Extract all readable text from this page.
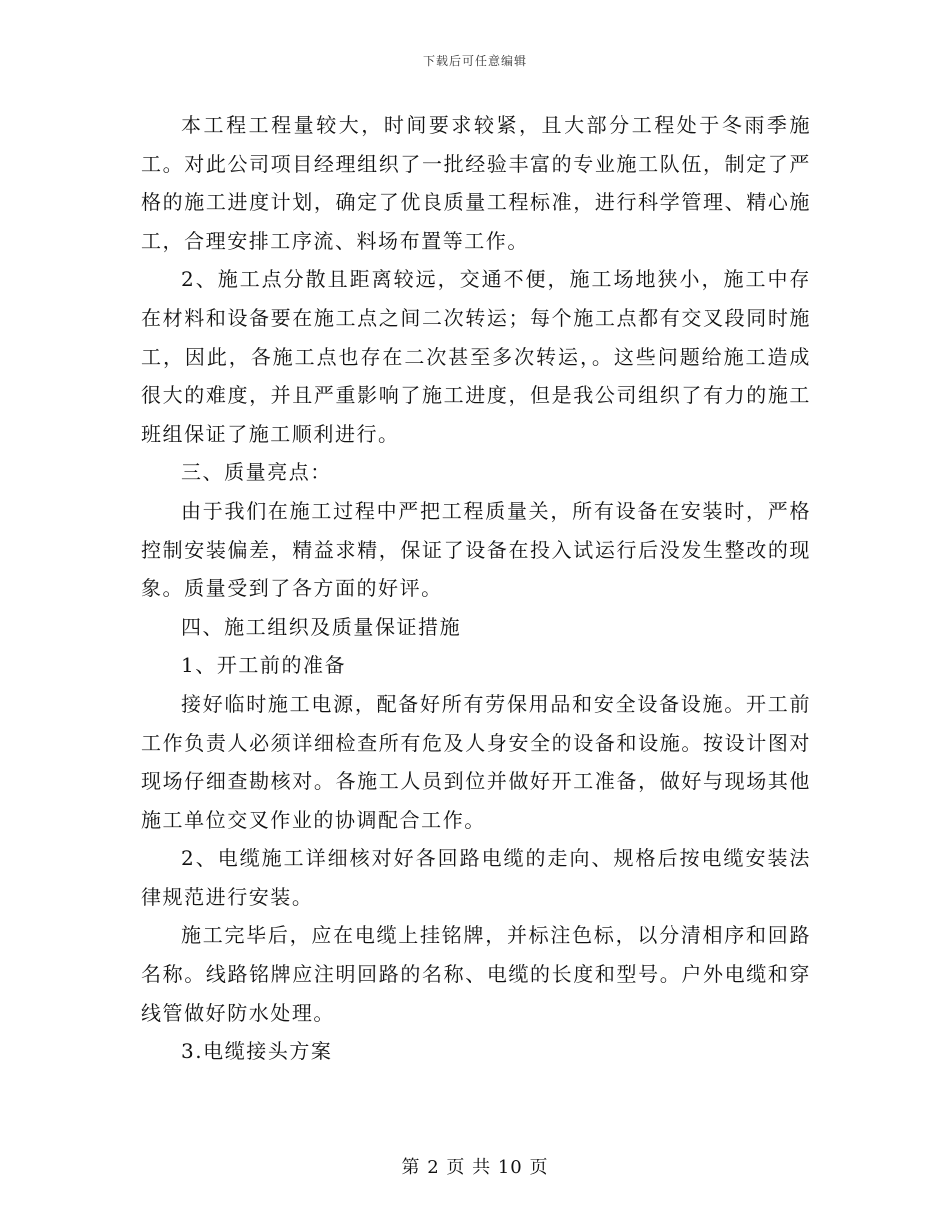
下载后可任意编辑

本工程工程量较大，时间要求较紧，且大部分工程处于冬雨季施工。对此公司项目经理组织了一批经验丰富的专业施工队伍，制定了严格的施工进度计划，确定了优良质量工程标准，进行科学管理、精心施工，合理安排工序流、料场布置等工作。

2、施工点分散且距离较远，交通不便，施工场地狭小，施工中存在材料和设备要在施工点之间二次转运；每个施工点都有交叉段同时施工，因此，各施工点也存在二次甚至多次转运，。这些问题给施工造成很大的难度，并且严重影响了施工进度，但是我公司组织了有力的施工班组保证了施工顺利进行。

三、质量亮点：

由于我们在施工过程中严把工程质量关，所有设备在安装时，严格控制安装偏差，精益求精，保证了设备在投入试运行后没发生整改的现象。质量受到了各方面的好评。

四、施工组织及质量保证措施

1、开工前的准备

接好临时施工电源，配备好所有劳保用品和安全设备设施。开工前工作负责人必须详细检查所有危及人身安全的设备和设施。按设计图对现场仔细查勘核对。各施工人员到位并做好开工准备，做好与现场其他施工单位交叉作业的协调配合工作。

2、电缆施工详细核对好各回路电缆的走向、规格后按电缆安装法律规范进行安装。

施工完毕后，应在电缆上挂铭牌，并标注色标，以分清相序和回路名称。线路铭牌应注明回路的名称、电缆的长度和型号。户外电缆和穿线管做好防水处理。

3.电缆接头方案

第 2 页 共 10 页
